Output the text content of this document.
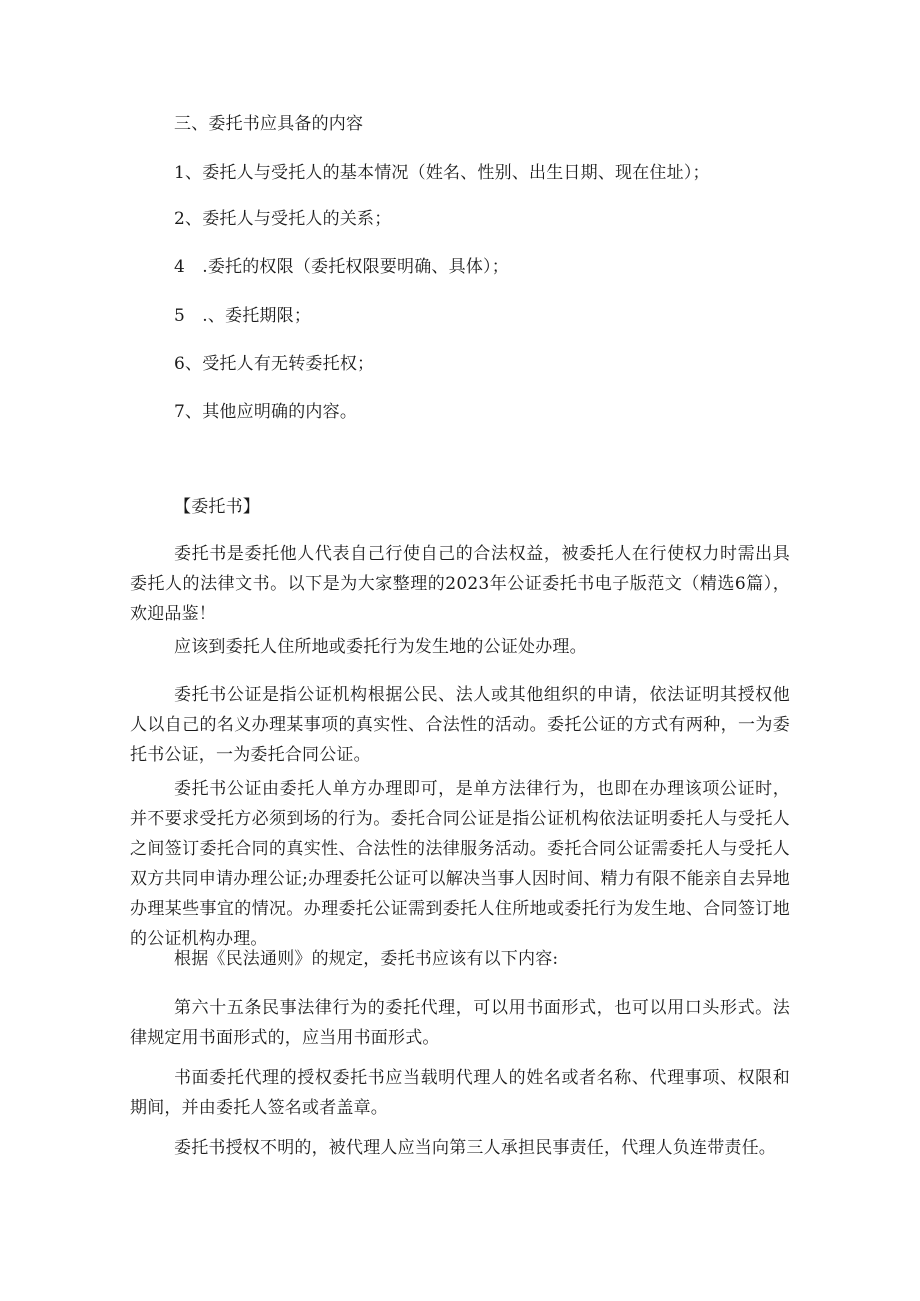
三、委托书应具备的内容
1、委托人与受托人的基本情况（姓名、性别、出生日期、现在住址）；
2、委托人与受托人的关系；
4　.委托的权限（委托权限要明确、具体）；
5　.、委托期限；
6、受托人有无转委托权；
7、其他应明确的内容。
【委托书】
委托书是委托他人代表自己行使自己的合法权益，被委托人在行使权力时需出具委托人的法律文书。以下是为大家整理的2023年公证委托书电子版范文（精选6篇），欢迎品鉴！
应该到委托人住所地或委托行为发生地的公证处办理。
委托书公证是指公证机构根据公民、法人或其他组织的申请，依法证明其授权他人以自己的名义办理某事项的真实性、合法性的活动。委托公证的方式有两种，一为委托书公证，一为委托合同公证。
委托书公证由委托人单方办理即可，是单方法律行为，也即在办理该项公证时，并不要求受托方必须到场的行为。委托合同公证是指公证机构依法证明委托人与受托人之间签订委托合同的真实性、合法性的法律服务活动。委托合同公证需委托人与受托人双方共同申请办理公证;办理委托公证可以解决当事人因时间、精力有限不能亲自去异地办理某些事宜的情况。办理委托公证需到委托人住所地或委托行为发生地、合同签订地的公证机构办理。
根据《民法通则》的规定，委托书应该有以下内容:
第六十五条民事法律行为的委托代理，可以用书面形式，也可以用口头形式。法律规定用书面形式的，应当用书面形式。
书面委托代理的授权委托书应当载明代理人的姓名或者名称、代理事项、权限和期间，并由委托人签名或者盖章。
委托书授权不明的，被代理人应当向第三人承担民事责任，代理人负连带责任。
